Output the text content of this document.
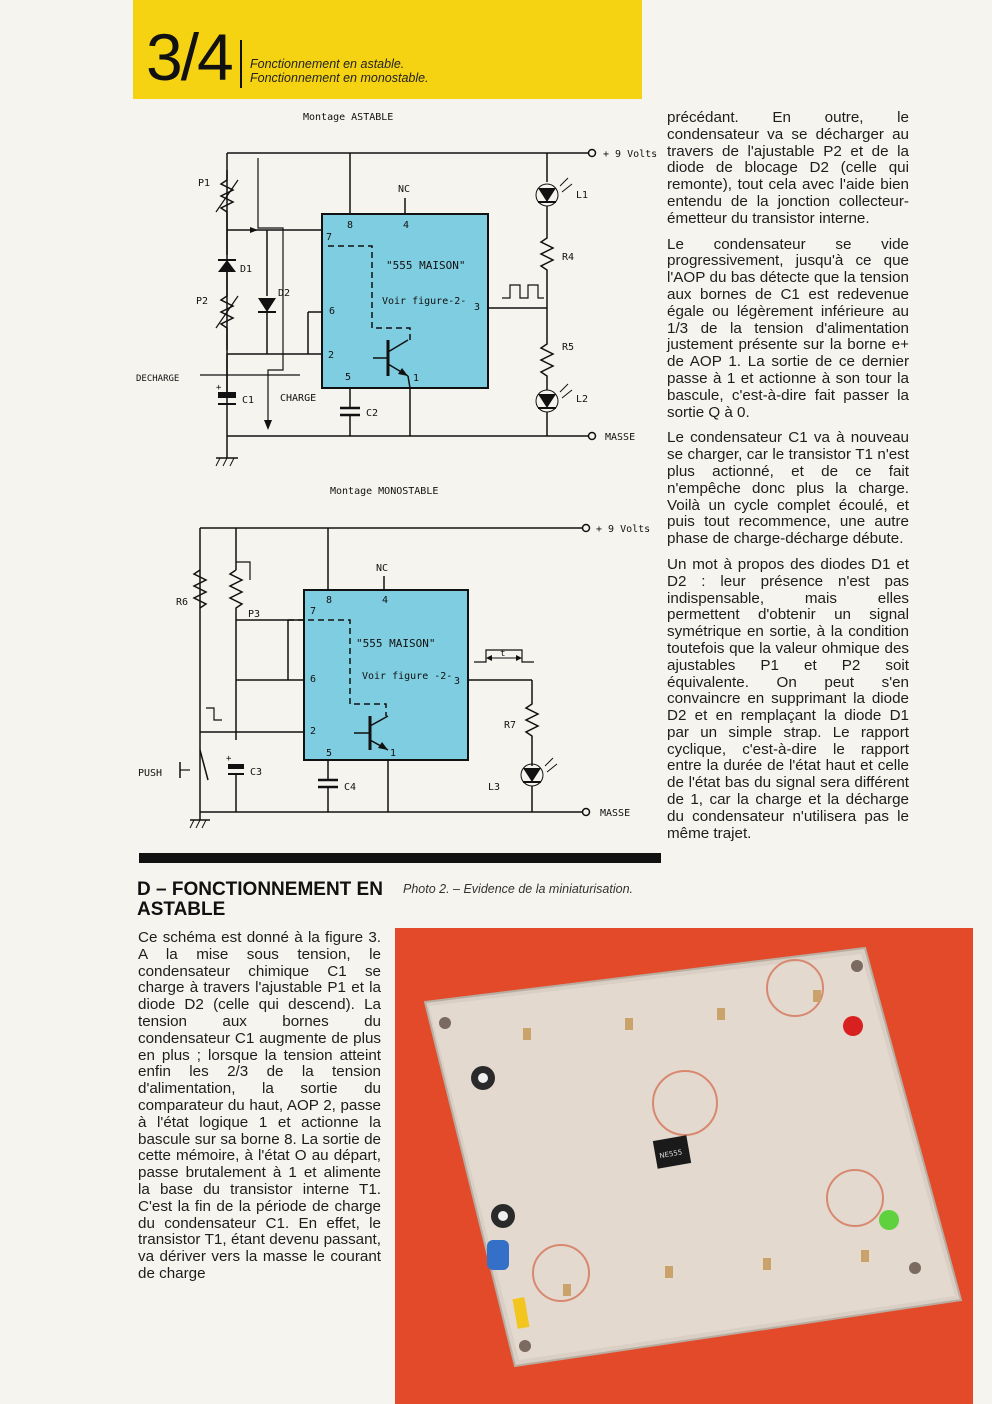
3/4 Fonctionnement en astable.
Fonctionnement en monostable.
Montage ASTABLE
"555 MAISON"
Voir figure-2-
8	4
7
6
2
5	1
3
NC
+ 9 Volts
MASSE
P1
D1
P2
D2
+
C1	CHARGE
DECHARGE
C2
L1
R4
R5
L2
Montage MONOSTABLE
"555 MAISON"
Voir figure -2-
8	4
7
6
2
5	1
3
NC
+ 9 Volts
MASSE
R6
P3
+
C3
PUSH
C4
t
R7
L3

précédant. En outre, le condensateur va se décharger au travers de l'ajustable P2 et de la diode de blocage D2 (celle qui remonte), tout cela avec l'aide bien entendu de la jonction collecteur-émetteur du transistor interne.

Le condensateur se vide progressivement, jusqu'à ce que l'AOP du bas détecte que la tension aux bornes de C1 est redevenue égale ou légèrement inférieure au 1/3 de la tension d'alimentation justement présente sur la borne e+ de AOP 1. La sortie de ce dernier passe à 1 et actionne à son tour la bascule, c'est-à-dire fait passer la sortie Q à 0.

Le condensateur C1 va à nouveau se charger, car le transistor T1 n'est plus actionné, et de ce fait n'empêche donc plus la charge. Voilà un cycle complet écoulé, et puis tout recommence, une autre phase de charge-décharge débute.

Un mot à propos des diodes D1 et D2 : leur présence n'est pas indispensable, mais elles permettent d'obtenir un signal symétrique en sortie, à la condition toutefois que la valeur ohmique des ajustables P1 et P2 soit équivalente. On peut s'en convaincre en supprimant la diode D2 et en remplaçant la diode D1 par un simple strap. Le rapport cyclique, c'est-à-dire le rapport entre la durée de l'état haut et celle de l'état bas du signal sera différent de 1, car la charge et la décharge du condensateur n'utilisera pas le même trajet.

D – FONCTIONNEMENT EN ASTABLE

Ce schéma est donné à la figure 3. A la mise sous tension, le condensateur chimique C1 se charge à travers l'ajustable P1 et la diode D2 (celle qui descend). La tension aux bornes du condensateur C1 augmente de plus en plus ; lorsque la tension atteint enfin les 2/3 de la tension d'alimentation, la sortie du comparateur du haut, AOP 2, passe à l'état logique 1 et actionne la bascule sur sa borne 8. La sortie de cette mémoire, à l'état O au départ, passe brutalement à 1 et alimente la base du transistor interne T1. C'est la fin de la période de charge du condensateur C1. En effet, le transistor T1, étant devenu passant, va dériver vers la masse le courant de charge

Photo 2. – Evidence de la miniaturisation.
NE555
